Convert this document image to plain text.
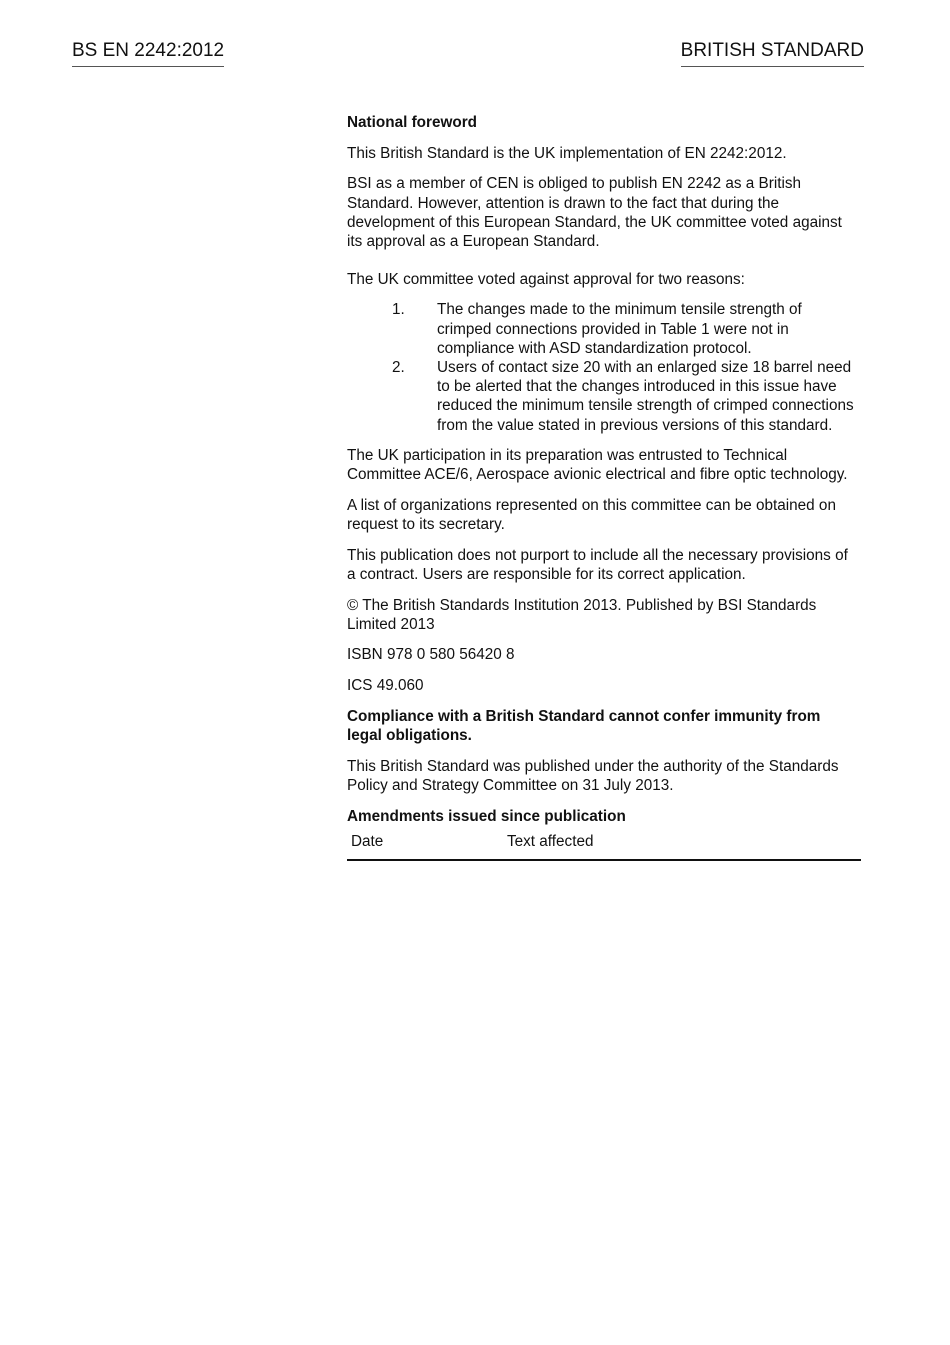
BS EN 2242:2012	BRITISH STANDARD
National foreword

This British Standard is the UK implementation of EN 2242:2012.

BSI as a member of CEN is obliged to publish EN 2242 as a British Standard. However, attention is drawn to the fact that during the development of this European Standard, the UK committee voted against its approval as a European Standard.

The UK committee voted against approval for two reasons:

1.	The changes made to the minimum tensile strength of crimped connections provided in Table 1 were not in compliance with ASD standardization protocol.
2.	Users of contact size 20 with an enlarged size 18 barrel need to be alerted that the changes introduced in this issue have reduced the minimum tensile strength of crimped connections from the value stated in previous versions of this standard.

The UK participation in its preparation was entrusted to Technical Committee ACE/6, Aerospace avionic electrical and fibre optic technology.

A list of organizations represented on this committee can be obtained on request to its secretary.

This publication does not purport to include all the necessary provisions of a contract. Users are responsible for its correct application.

© The British Standards Institution 2013. Published by BSI Standards Limited 2013

ISBN 978 0 580 56420 8

ICS 49.060

Compliance with a British Standard cannot confer immunity from legal obligations.

This British Standard was published under the authority of the Standards Policy and Strategy Committee on 31 July 2013.

Amendments issued since publication
Date	Text affected
